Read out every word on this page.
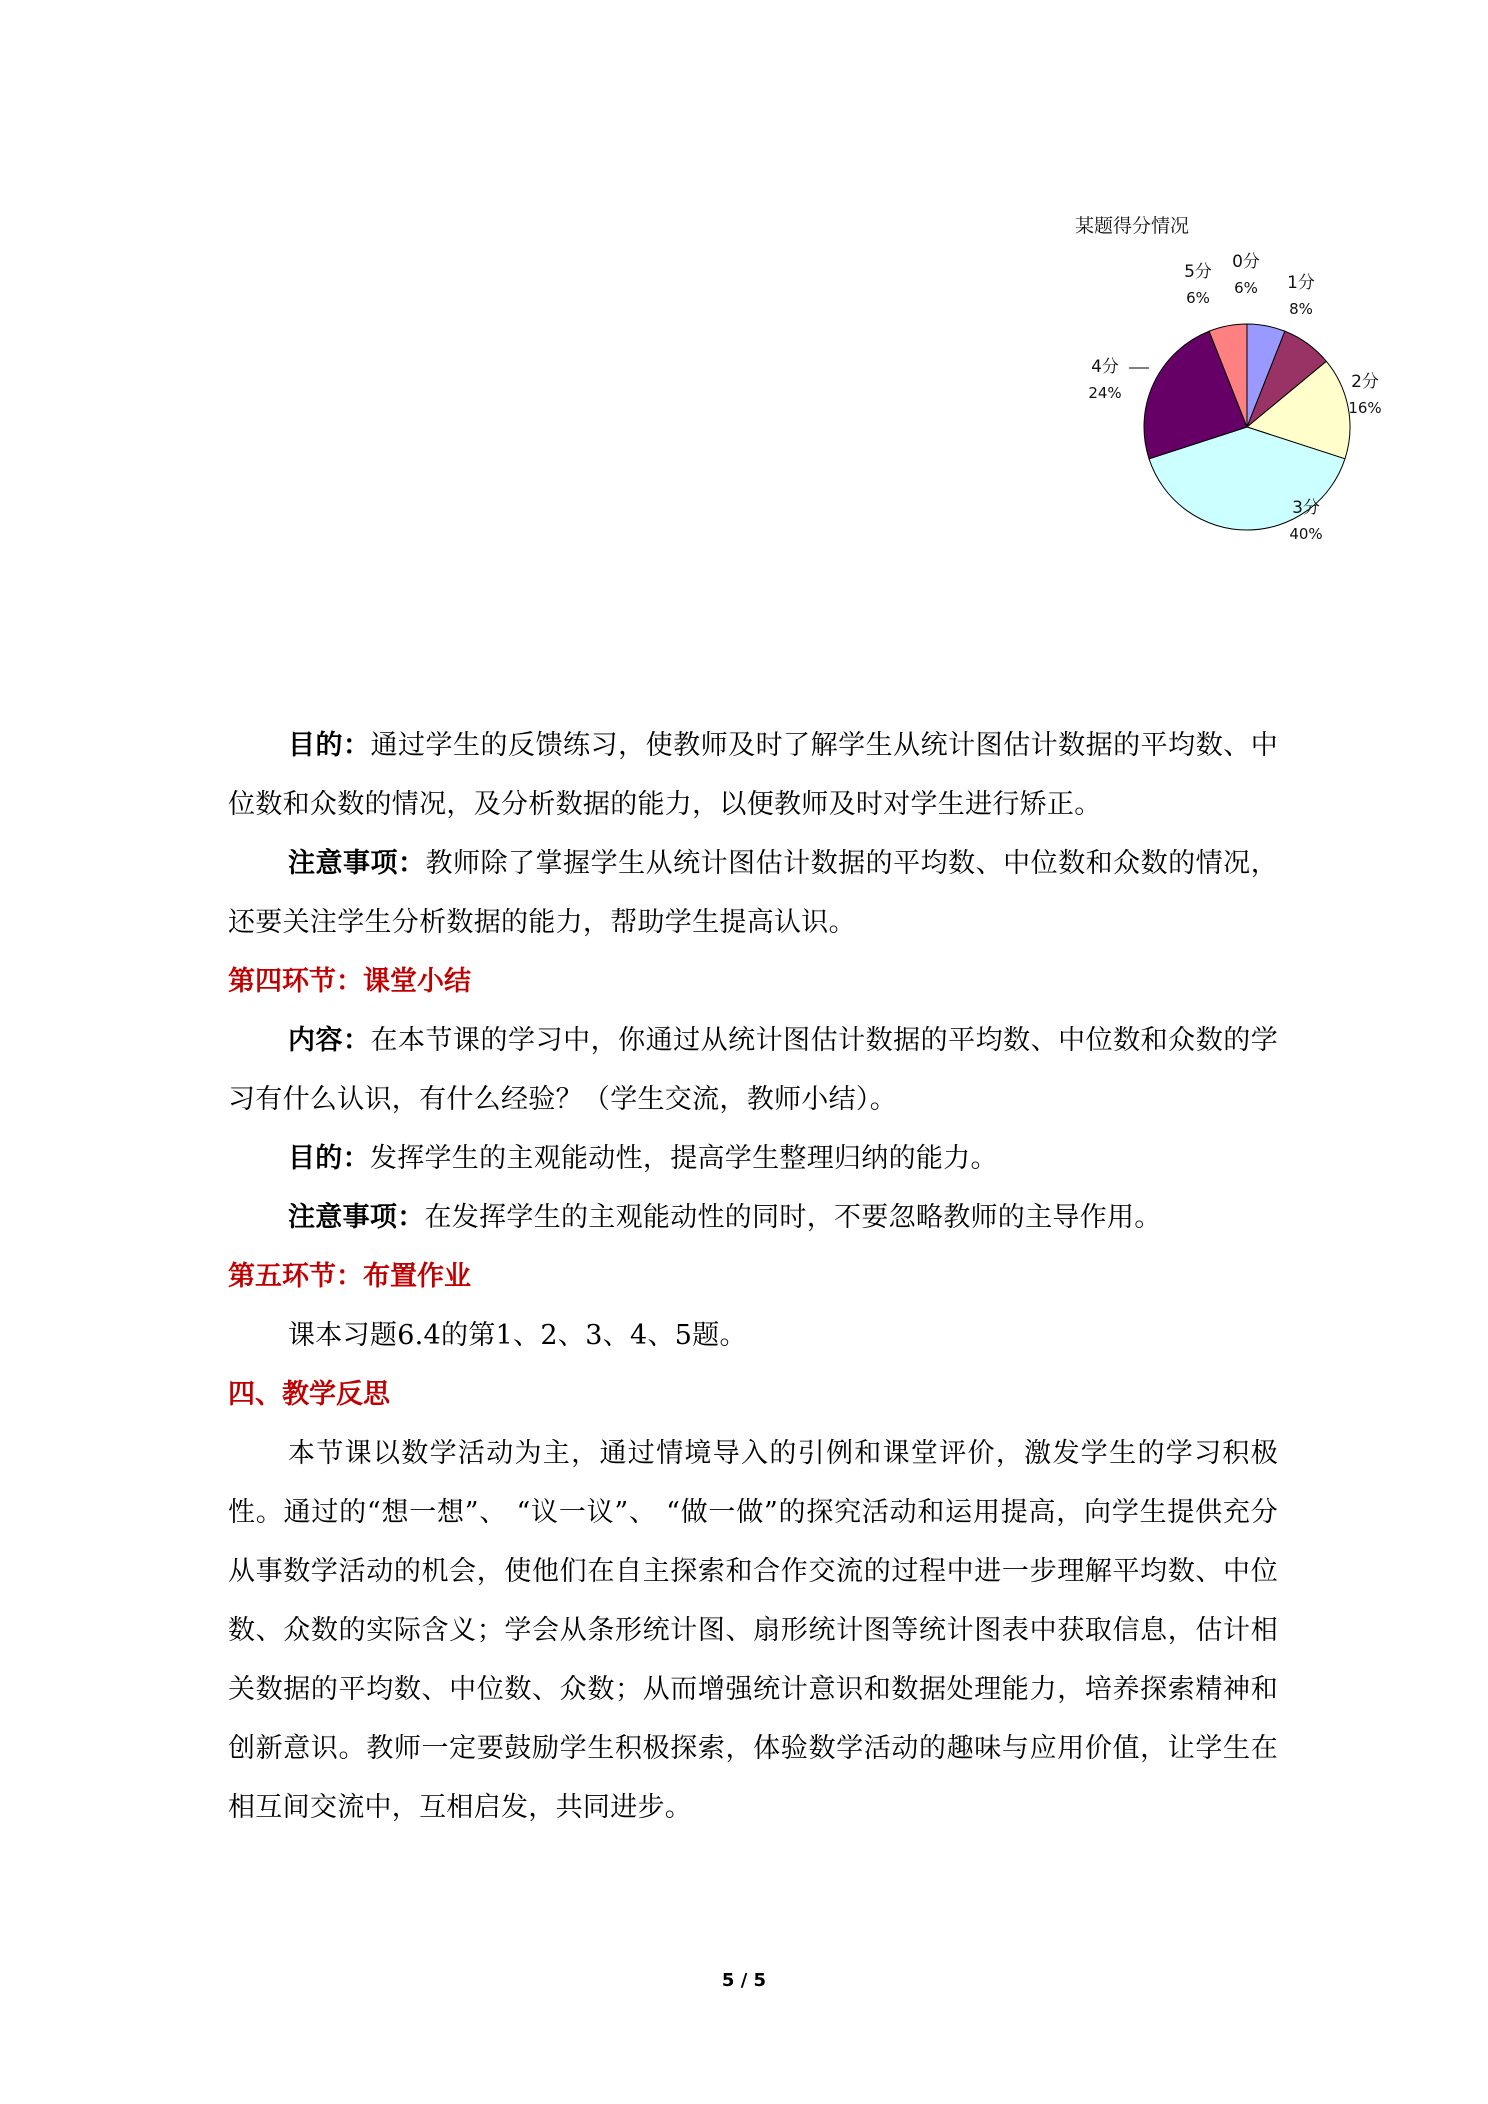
某题得分情况
0分
6% 1分
8%
2分
16%
3分
40%
4分
24%
5分
6%

目的：通过学生的反馈练习，使教师及时了解学生从统计图估计数据的平均数、中位数和众数的情况，及分析数据的能力，以便教师及时对学生进行矫正。

注意事项：教师除了掌握学生从统计图估计数据的平均数、中位数和众数的情况，还要关注学生分析数据的能力，帮助学生提高认识。

第四环节：课堂小结

内容：在本节课的学习中，你通过从统计图估计数据的平均数、中位数和众数的学习有什么认识，有什么经验？（学生交流，教师小结）。

目的：发挥学生的主观能动性，提高学生整理归纳的能力。

注意事项：在发挥学生的主观能动性的同时，不要忽略教师的主导作用。

第五环节：布置作业

课本习题6.4的第1、2、3、4、5题。

四、教学反思

本节课以数学活动为主，通过情境导入的引例和课堂评价，激发学生的学习积极性。通过的“想一想”、 “议一议”、 “做一做”的探究活动和运用提高，向学生提供充分从事数学活动的机会，使他们在自主探索和合作交流的过程中进一步理解平均数、中位数、众数的实际含义；学会从条形统计图、扇形统计图等统计图表中获取信息，估计相关数据的平均数、中位数、众数；从而增强统计意识和数据处理能力，培养探索精神和创新意识。教师一定要鼓励学生积极探索，体验数学活动的趣味与应用价值，让学生在相互间交流中，互相启发，共同进步。

5 / 5
